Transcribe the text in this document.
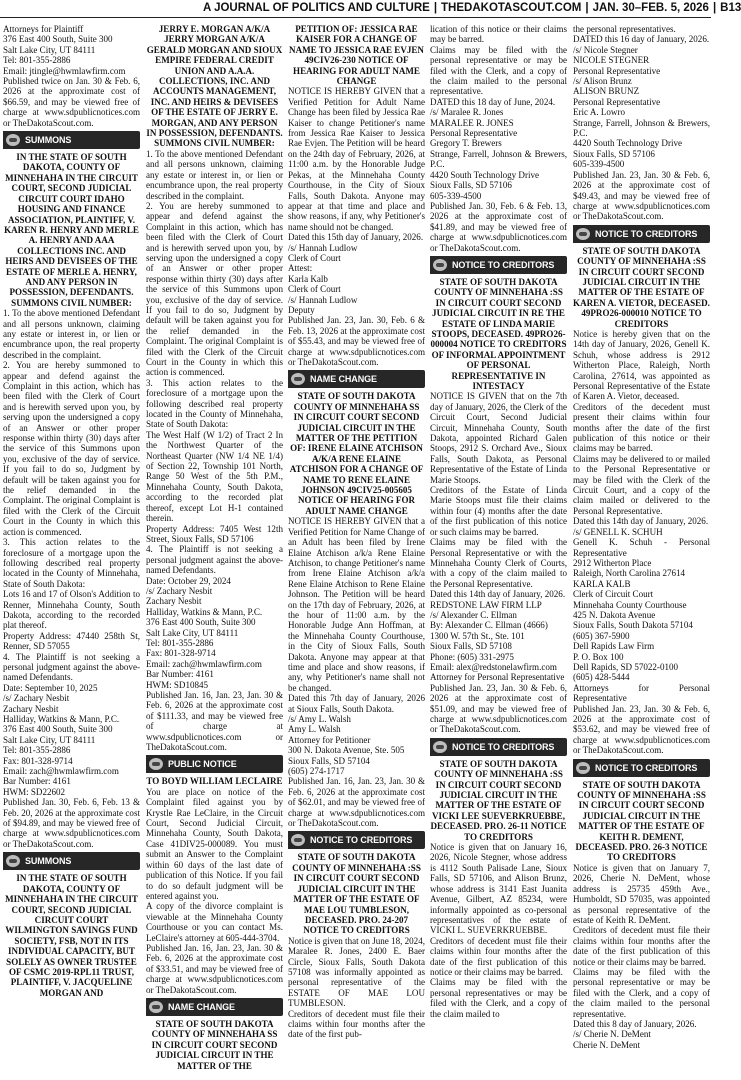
A JOURNAL OF POLITICS AND CULTURE | THEDAKOTASCOUT.COM | JAN. 30–FEB. 5, 2026 | B13
Attorneys for Plaintiff
376 East 400 South, Suite 300
Salt Lake City, UT 84111
Tel: 801-355-2886
Email: jtingle@hwmlawfirm.com
Published twice on Jan. 30 & Feb. 6, 2026 at the approximate cost of $66.59, and may be viewed free of charge at www.sdpublicnotices.com or TheDakotaScout.com.
SUMMONS
IN THE STATE OF SOUTH DAKOTA, COUNTY OF MINNEHAHA IN THE CIRCUIT COURT, SECOND JUDICIAL CIRCUIT COURT IDAHO HOUSING AND FINANCE ASSOCIATION, PLAINTIFF, V. KAREN R. HENRY AND MERLE A. HENRY AND AAA COLLECTIONS INC. AND HEIRS AND DEVISEES OF THE ESTATE OF MERLE A. HENRY, AND ANY PERSON IN POSSESSION, DEFENDANTS. SUMMONS CIVIL NUMBER:
1. To the above mentioned Defendant and all persons unknown, claiming any estate or interest in, or lien or encumbrance upon, the real property described in the complaint.
2. You are hereby summoned to appear and defend against the Complaint in this action, which has been filed with the Clerk of Court and is herewith served upon you, by serving upon the undersigned a copy of an Answer or other proper response within thirty (30) days after the service of this Summons upon you, exclusive of the day of service. If you fail to do so, Judgment by default will be taken against you for the relief demanded in the Complaint. The original Complaint is filed with the Clerk of the Circuit Court in the County in which this action is commenced.
3. This action relates to the foreclosure of a mortgage upon the following described real property located in the County of Minnehaha, State of South Dakota:
Lots 16 and 17 of Olson's Addition to Renner, Minnehaha County, South Dakota, according to the recorded plat thereof.
Property Address: 47440 258th St, Renner, SD 57055
4. The Plaintiff is not seeking a personal judgment against the above-named Defendants.
Date: September 10, 2025
/s/ Zachary Nesbit
Zachary Nesbit
Halliday, Watkins & Mann, P.C.
376 East 400 South, Suite 300
Salt Lake City, UT 84111
Tel: 801-355-2886
Fax: 801-328-9714
Email: zach@hwmlawfirm.com
Bar Number: 4161
HWM: SD22602
Published Jan. 30, Feb. 6, Feb. 13 & Feb. 20, 2026 at the approximate cost of $94.89, and may be viewed free of charge at www.sdpublicnotices.com or TheDakotaScout.com.
SUMMONS
IN THE STATE OF SOUTH DAKOTA, COUNTY OF MINNEHAHA IN THE CIRCUIT COURT, SECOND JUDICIAL CIRCUIT COURT WILMINGTON SAVINGS FUND SOCIETY, FSB, NOT IN ITS INDIVIDUAL CAPACITY, BUT SOLELY AS OWNER TRUSTEE OF CSMC 2019-RPL11 TRUST, PLAINTIFF, V. JACQUELINE MORGAN AND
JERRY E. MORGAN A/K/A JERRY MORGAN A/K/A GERALD MORGAN AND SIOUX EMPIRE FEDERAL CREDIT UNION AND A.A.A. COLLECTIONS, INC. AND ACCOUNTS MANAGEMENT, INC. AND HEIRS & DEVISEES OF THE ESTATE OF JERRY E. MORGAN, AND ANY PERSON IN POSSESSION, DEFENDANTS. SUMMONS CIVIL NUMBER:
1. To the above mentioned Defendant and all persons unknown, claiming any estate or interest in, or lien or encumbrance upon, the real property described in the complaint.
2. You are hereby summoned to appear and defend against the Complaint in this action, which has been filed with the Clerk of Court and is herewith served upon you, by serving upon the undersigned a copy of an Answer or other proper response within thirty (30) days after the service of this Summons upon you, exclusive of the day of service. If you fail to do so, Judgment by default will be taken against you for the relief demanded in the Complaint. The original Complaint is filed with the Clerk of the Circuit Court in the County in which this action is commenced.
3. This action relates to the foreclosure of a mortgage upon the following described real property located in the County of Minnehaha, State of South Dakota:
The West Half (W 1/2) of Tract 2 In the Northwest Quarter of the Northeast Quarter (NW 1/4 NE 1/4) of Section 22, Township 101 North, Range 50 West of the 5th P.M., Minnehaha County, South Dakota, according to the recorded plat thereof, except Lot H-1 contained therein.
Property Address: 7405 West 12th Street, Sioux Falls, SD 57106
4. The Plaintiff is not seeking a personal judgment against the above-named Defendants.
Date: October 29, 2024
/s/ Zachary Nesbit
Zachary Nesbit
Halliday, Watkins & Mann, P.C.
376 East 400 South, Suite 300
Salt Lake City, UT 84111
Tel: 801-355-2886
Fax: 801-328-9714
Email: zach@hwmlawfirm.com
Bar Number: 4161
HWM: SD10845
Published Jan. 16, Jan. 23, Jan. 30 & Feb. 6, 2026 at the approximate cost of $111.33, and may be viewed free of charge at www.sdpublicnotices.com or TheDakotaScout.com.
PUBLIC NOTICE
TO BOYD WILLIAM LECLAIRE
You are place on notice of the Complaint filed against you by Krystle Rae LeClaire, in the Circuit Court, Second Judicial Circuit, Minnehaha County, South Dakota, Case 41DIV25-000089. You must submit an Answer to the Complaint within 60 days of the last date of publication of this Notice. If you fail to do so default judgment will be entered against you.
A copy of the divorce complaint is viewable at the Minnehaha County Courthouse or you can contact Ms. LeClaire's attorney at 605-444-3704.
Published Jan. 16, Jan. 23, Jan. 30 & Feb. 6, 2026 at the approximate cost of $33.51, and may be viewed free of charge at www.sdpublicnotices.com or TheDakotaScout.com.
NAME CHANGE
STATE OF SOUTH DAKOTA COUNTY OF MINNEHAHA SS IN CIRCUIT COURT SECOND JUDICIAL CIRCUIT IN THE MATTER OF THE
PETITION OF: JESSICA RAE KAISER FOR A CHANGE OF NAME TO JESSICA RAE EVJEN 49CIV26-230 NOTICE OF HEARING FOR ADULT NAME CHANGE
NOTICE IS HEREBY GIVEN that a Verified Petition for Adult Name Change has been filed by Jessica Rae Kaiser to change Petitioner's name from Jessica Rae Kaiser to Jessica Rae Evjen. The Petition will be heard on the 24th day of February, 2026, at 11:00 a.m. by the Honorable Judge Pekas, at the Minnehaha County Courthouse, in the City of Sioux Falls, South Dakota. Anyone may appear at that time and place and show reasons, if any, why Petitioner's name should not be changed.
Dated this 15th day of January, 2026.
/s/ Hannah Ludlow
Clerk of Court
Attest:
Karla Kalb
Clerk of Court
/s/ Hannah Ludlow
Deputy
Published Jan. 23, Jan. 30, Feb. 6 & Feb. 13, 2026 at the approximate cost of $55.43, and may be viewed free of charge at www.sdpublicnotices.com or TheDakotaScout.com.
NAME CHANGE
STATE OF SOUTH DAKOTA COUNTY OF MINNEHAHA SS IN CIRCUIT COURT SECOND JUDICIAL CIRCUIT IN THE MATTER OF THE PETITION OF: IRENE ELAINE ATCHISON A/K/A RENE ELAINE ATCHISON FOR A CHANGE OF NAME TO RENE ELAINE JOHNSON 49CIV25-005605 NOTICE OF HEARING FOR ADULT NAME CHANGE
NOTICE IS HEREBY GIVEN that a Verified Petition for Name Change of an Adult has been filed by Irene Elaine Atchison a/k/a Rene Elaine Atchison, to change Petitioner's name from Irene Elaine Atchison a/k/a Rene Elaine Atchison to Rene Elaine Johnson. The Petition will be heard on the 17th day of February, 2026, at the hour of 11:00 a.m. by the Honorable Judge Ann Hoffman, at the Minnehaha County Courthouse, in the City of Sioux Falls, South Dakota. Anyone may appear at that time and place and show reasons, if any, why Petitioner's name shall not be changed.
Dated this 7th day of January, 2026 at Sioux Falls, South Dakota.
/s/ Amy L. Walsh
Amy L. Walsh
Attorney for Petitioner
300 N. Dakota Avenue, Ste. 505
Sioux Falls, SD 57104
(605) 274-1717
Published Jan. 16, Jan. 23, Jan. 30 & Feb. 6, 2026 at the approximate cost of $62.01, and may be viewed free of charge at www.sdpublicnotices.com or TheDakotaScout.com.
NOTICE TO CREDITORS
STATE OF SOUTH DAKOTA COUNTY OF MINNEHAHA :SS IN CIRCUIT COURT SECOND JUDICIAL CIRCUIT IN THE MATTER OF THE ESTATE OF MAE LOU TUMBLESON, DECEASED. PRO. 24-207 NOTICE TO CREDITORS
Notice is given that on June 18, 2024, Maralee R. Jones, 2400 E. Baer Circle, Sioux Falls, South Dakota 57108 was informally appointed as personal representative of the ESTATE OF MAE LOU TUMBLESON.
Creditors of decedent must file their claims within four months after the date of the first pub-
lication of this notice or their claims may be barred.
Claims may be filed with the personal representative or may be filed with the Clerk, and a copy of the claim mailed to the personal representative.
DATED this 18 day of June, 2024.
/s/ Maralee R. Jones
MARALEE R. JONES
Personal Representative
Gregory T. Brewers
Strange, Farrell, Johnson & Brewers, P.C.
4420 South Technology Drive
Sioux Falls, SD 57106
605-339-4500
Published Jan. 30, Feb. 6 & Feb. 13, 2026 at the approximate cost of $41.89, and may be viewed free of charge at www.sdpublicnotices.com or TheDakotaScout.com.
NOTICE TO CREDITORS
STATE OF SOUTH DAKOTA COUNTY OF MINNEHAHA :SS IN CIRCUIT COURT SECOND JUDICIAL CIRCUIT IN RE THE ESTATE OF LINDA MARIE STOOPS, DECEASED. 49PRO26-000004 NOTICE TO CREDITORS OF INFORMAL APPOINTMENT OF PERSONAL REPRESENTATIVE IN INTESTACY
NOTICE IS GIVEN that on the 7th day of January, 2026, the Clerk of the Circuit Court, Second Judicial Circuit, Minnehaha County, South Dakota, appointed Richard Galen Stoops, 2912 S. Orchard Ave., Sioux Falls, South Dakota, as Personal Representative of the Estate of Linda Marie Stoops.
Creditors of the Estate of Linda Marie Stoops must file their claims within four (4) months after the date of the first publication of this notice or such claims may be barred.
Claims may be filed with the Personal Representative or with the Minnehaha County Clerk of Courts, with a copy of the claim mailed to the Personal Representative.
Dated this 14th day of January, 2026.
REDSTONE LAW FIRM LLP
/s/ Alexander C. Ellman
By: Alexander C. Ellman (4666)
1300 W. 57th St., Ste. 101
Sioux Falls, SD 57108
Phone: (605) 331-2975
Email: alex@redstonelawfirm.com
Attorney for Personal Representative
Published Jan. 23, Jan. 30 & Feb. 6, 2026 at the approximate cost of $51.09, and may be viewed free of charge at www.sdpublicnotices.com or TheDakotaScout.com.
NOTICE TO CREDITORS
STATE OF SOUTH DAKOTA COUNTY OF MINNEHAHA :SS IN CIRCUIT COURT SECOND JUDICIAL CIRCUIT IN THE MATTER OF THE ESTATE OF VICKI LEE SUEVERKRUEBBE, DECEASED. PRO. 26-11 NOTICE TO CREDITORS
Notice is given that on January 16, 2026, Nicole Stegner, whose address is 4112 South Palisade Lane, Sioux Falls, SD 57106, and Alison Brunz, whose address is 3141 East Juanita Avenue, Gilbert, AZ 85234, were informally appointed as co-personal representatives of the estate of VICKI L. SUEVERKRUEBBE.
Creditors of decedent must file their claims within four months after the date of the first publication of this notice or their claims may be barred.
Claims may be filed with the personal representatives or may be filed with the Clerk, and a copy of the claim mailed to
the personal representatives.
DATED this 16 day of January, 2026.
/s/ Nicole Stegner
NICOLE STEGNER
Personal Representative
/s/ Alison Brunz
ALISON BRUNZ
Personal Representative
Eric A. Lowro
Strange, Farrell, Johnson & Brewers, P.C.
4420 South Technology Drive
Sioux Falls, SD 57106
605-339-4500
Published Jan. 23, Jan. 30 & Feb. 6, 2026 at the approximate cost of $49.43, and may be viewed free of charge at www.sdpublicnotices.com or TheDakotaScout.com.
NOTICE TO CREDITORS
STATE OF SOUTH DAKOTA COUNTY OF MINNEHAHA :SS IN CIRCUIT COURT SECOND JUDICIAL CIRCUIT IN THE MATTER OF THE ESTATE OF KAREN A. VIETOR, DECEASED. 49PRO26-000010 NOTICE TO CREDITORS
Notice is hereby given that on the 14th day of January, 2026, Genell K. Schuh, whose address is 2912 Witherton Place, Raleigh, North Carolina, 27614, was appointed as Personal Representative of the Estate of Karen A. Vietor, deceased.
Creditors of the decedent must present their claims within four months after the date of the first publication of this notice or their claims may be barred.
Claims may be delivered to or mailed to the Personal Representative or may be filed with the Clerk of the Circuit Court, and a copy of the claim mailed or delivered to the Personal Representative.
Dated this 14th day of January, 2026.
/s/ GENELL K. SCHUH
Genell K. Schuh - Personal Representative
2912 Witherton Place
Raleigh, North Carolina 27614
KARLA KALB
Clerk of Circuit Court
Minnehaha County Courthouse
425 N. Dakota Avenue
Sioux Falls, South Dakota 57104
(605) 367-5900
Dell Rapids Law Firm
P. O. Box 100
Dell Rapids, SD 57022-0100
(605) 428-5444
Attorneys for Personal Representative
Published Jan. 23, Jan. 30 & Feb. 6, 2026 at the approximate cost of $53.62, and may be viewed free of charge at www.sdpublicnotices.com or TheDakotaScout.com.
NOTICE TO CREDITORS
STATE OF SOUTH DAKOTA COUNTY OF MINNEHAHA :SS IN CIRCUIT COURT SECOND JUDICIAL CIRCUIT IN THE MATTER OF THE ESTATE OF KEITH R. DEMENT, DECEASED. PRO. 26-3 NOTICE TO CREDITORS
Notice is given that on January 7, 2026, Cherie N. DeMent, whose address is 25735 459th Ave., Humboldt, SD 57035, was appointed as personal representative of the estate of Keith R. DeMent.
Creditors of decedent must file their claims within four months after the date of the first publication of this notice or their claims may be barred.
Claims may be filed with the personal representative or may be filed with the Clerk, and a copy of the claim mailed to the personal representative.
Dated this 8 day of January, 2026.
/s/ Cherie N. DeMent
Cherie N. DeMent
